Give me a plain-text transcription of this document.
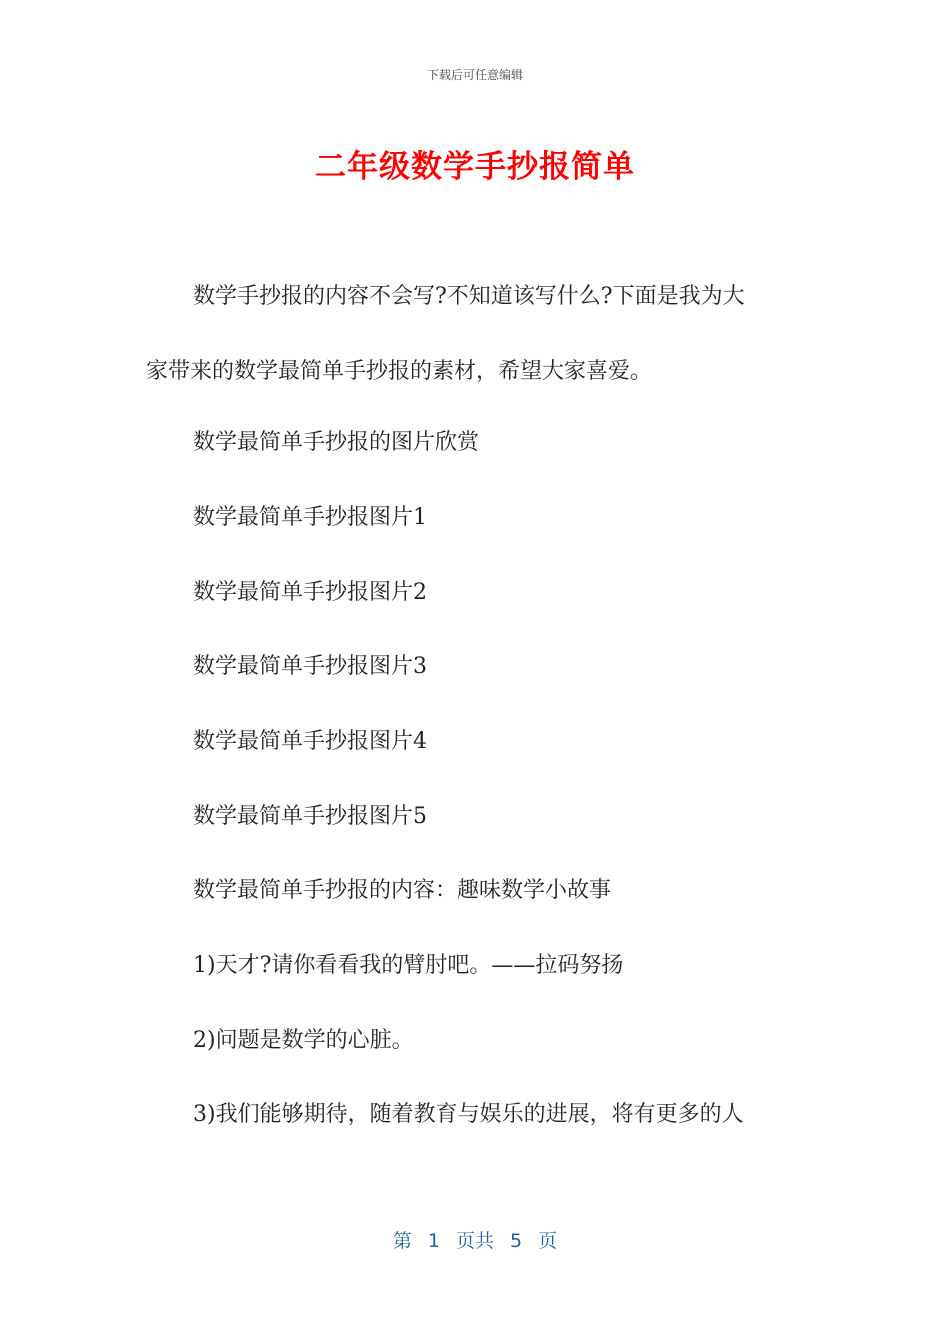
下载后可任意编辑
二年级数学手抄报简单

数学手抄报的内容不会写?不知道该写什么?下面是我为大

家带来的数学最简单手抄报的素材，希望大家喜爱。

数学最简单手抄报的图片欣赏

数学最简单手抄报图片1

数学最简单手抄报图片2

数学最简单手抄报图片3

数学最简单手抄报图片4

数学最简单手抄报图片5

数学最简单手抄报的内容：趣味数学小故事

1)天才?请你看看我的臂肘吧。——拉码努扬

2)问题是数学的心脏。

3)我们能够期待，随着教育与娱乐的进展，将有更多的人

第 1 页共 5 页
